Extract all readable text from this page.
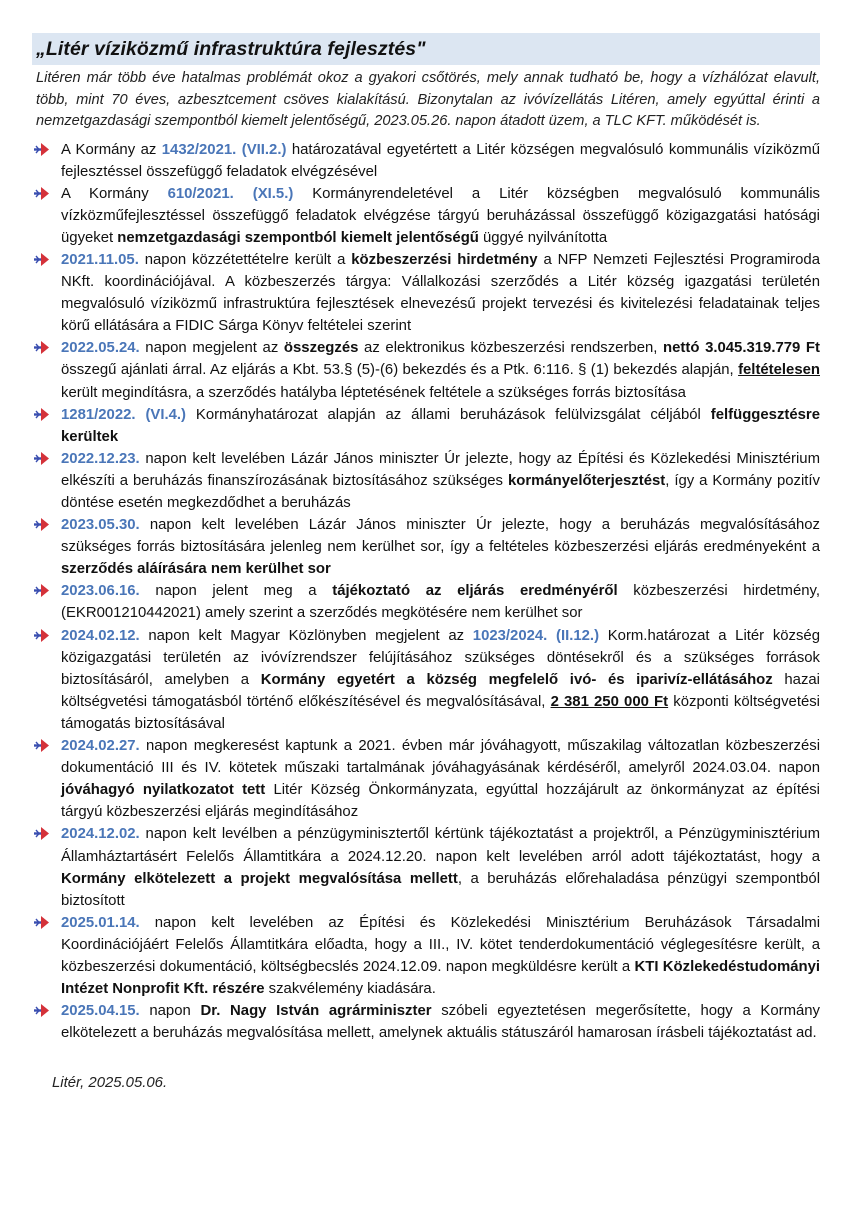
„Litér víziközmű infrastruktúra fejlesztés"

Litéren már több éve hatalmas problémát okoz a gyakori csőtörés, mely annak tudható be, hogy a vízhálózat elavult, több, mint 70 éves, azbesztcement csöves kialakítású. Bizonytalan az ivóvízellátás Litéren, amely egyúttal érinti a nemzetgazdasági szempontból kiemelt jelentőségű, 2023.05.26. napon átadott üzem, a TLC KFT. működését is.

A Kormány az 1432/2021. (VII.2.) határozatával egyetértett a Litér községen megvalósuló kommunális víziközmű fejlesztéssel összefüggő feladatok elvégzésével
A Kormány 610/2021. (XI.5.) Kormányrendeletével a Litér községben megvalósuló kommunális vízközműfejlesztéssel összefüggő feladatok elvégzése tárgyú beruházással összefüggő közigazgatási hatósági ügyeket nemzetgazdasági szempontból kiemelt jelentőségű üggyé nyilvánította
2021.11.05. napon közzétettételre került a közbeszerzési hirdetmény a NFP Nemzeti Fejlesztési Programiroda NKft. koordinációjával. A közbeszerzés tárgya: Vállalkozási szerződés a Litér község igazgatási területén megvalósuló víziközmű infrastruktúra fejlesztések elnevezésű projekt tervezési és kivitelezési feladatainak teljes körű ellátására a FIDIC Sárga Könyv feltételei szerint
2022.05.24. napon megjelent az összegzés az elektronikus közbeszerzési rendszerben, nettó 3.045.319.779 Ft összegű ajánlati árral. Az eljárás a Kbt. 53.§ (5)-(6) bekezdés és a Ptk. 6:116. § (1) bekezdés alapján, feltételesen került megindításra, a szerződés hatályba léptetésének feltétele a szükséges forrás biztosítása
1281/2022. (VI.4.) Kormányhatározat alapján az állami beruházások felülvizsgálat céljából felfüggesztésre kerültek
2022.12.23. napon kelt levelében Lázár János miniszter Úr jelezte, hogy az Építési és Közlekedési Minisztérium elkészíti a beruházás finanszírozásának biztosításához szükséges kormányelőterjesztést, így a Kormány pozitív döntése esetén megkezdődhet a beruházás
2023.05.30. napon kelt levelében Lázár János miniszter Úr jelezte, hogy a beruházás megvalósításához szükséges forrás biztosítására jelenleg nem kerülhet sor, így a feltételes közbeszerzési eljárás eredményeként a szerződés aláírására nem kerülhet sor
2023.06.16. napon jelent meg a tájékoztató az eljárás eredményéről közbeszerzési hirdetmény, (EKR001210442021) amely szerint a szerződés megkötésére nem kerülhet sor
2024.02.12. napon kelt Magyar Közlönyben megjelent az 1023/2024. (II.12.) Korm.határozat a Litér község közigazgatási területén az ivóvízrendszer felújításához szükséges döntésekről és a szükséges források biztosításáról, amelyben a Kormány egyetért a község megfelelő ivó- és iparivíz-ellátásához hazai költségvetési támogatásból történő előkészítésével és megvalósításával, 2 381 250 000 Ft központi költségvetési támogatás biztosításával
2024.02.27. napon megkeresést kaptunk a 2021. évben már jóváhagyott, műszakilag változatlan közbeszerzési dokumentáció III és IV. kötetek műszaki tartalmának jóváhagyásának kérdéséről, amelyről 2024.03.04. napon jóváhagyó nyilatkozatot tett Litér Község Önkormányzata, egyúttal hozzájárult az önkormányzat az építési tárgyú közbeszerzési eljárás megindításához
2024.12.02. napon kelt levélben a pénzügyminisztertől kértünk tájékoztatást a projektről, a Pénzügyminisztérium Államháztartásért Felelős Államtitkára a 2024.12.20. napon kelt levelében arról adott tájékoztatást, hogy a Kormány elkötelezett a projekt megvalósítása mellett, a beruházás előrehaladása pénzügyi szempontból biztosított
2025.01.14. napon kelt levelében az Építési és Közlekedési Minisztérium Beruházások Társadalmi Koordinációjáért Felelős Államtitkára előadta, hogy a III., IV. kötet tenderdokumentáció véglegesítésre került, a közbeszerzési dokumentáció, költségbecslés 2024.12.09. napon megküldésre került a KTI Közlekedéstudományi Intézet Nonprofit Kft. részére szakvélemény kiadására.
2025.04.15. napon Dr. Nagy István agrárminiszter szóbeli egyeztetésen megerősítette, hogy a Kormány elkötelezett a beruházás megvalósítása mellett, amelynek aktuális státuszáról hamarosan írásbeli tájékoztatást ad.
Litér, 2025.05.06.
